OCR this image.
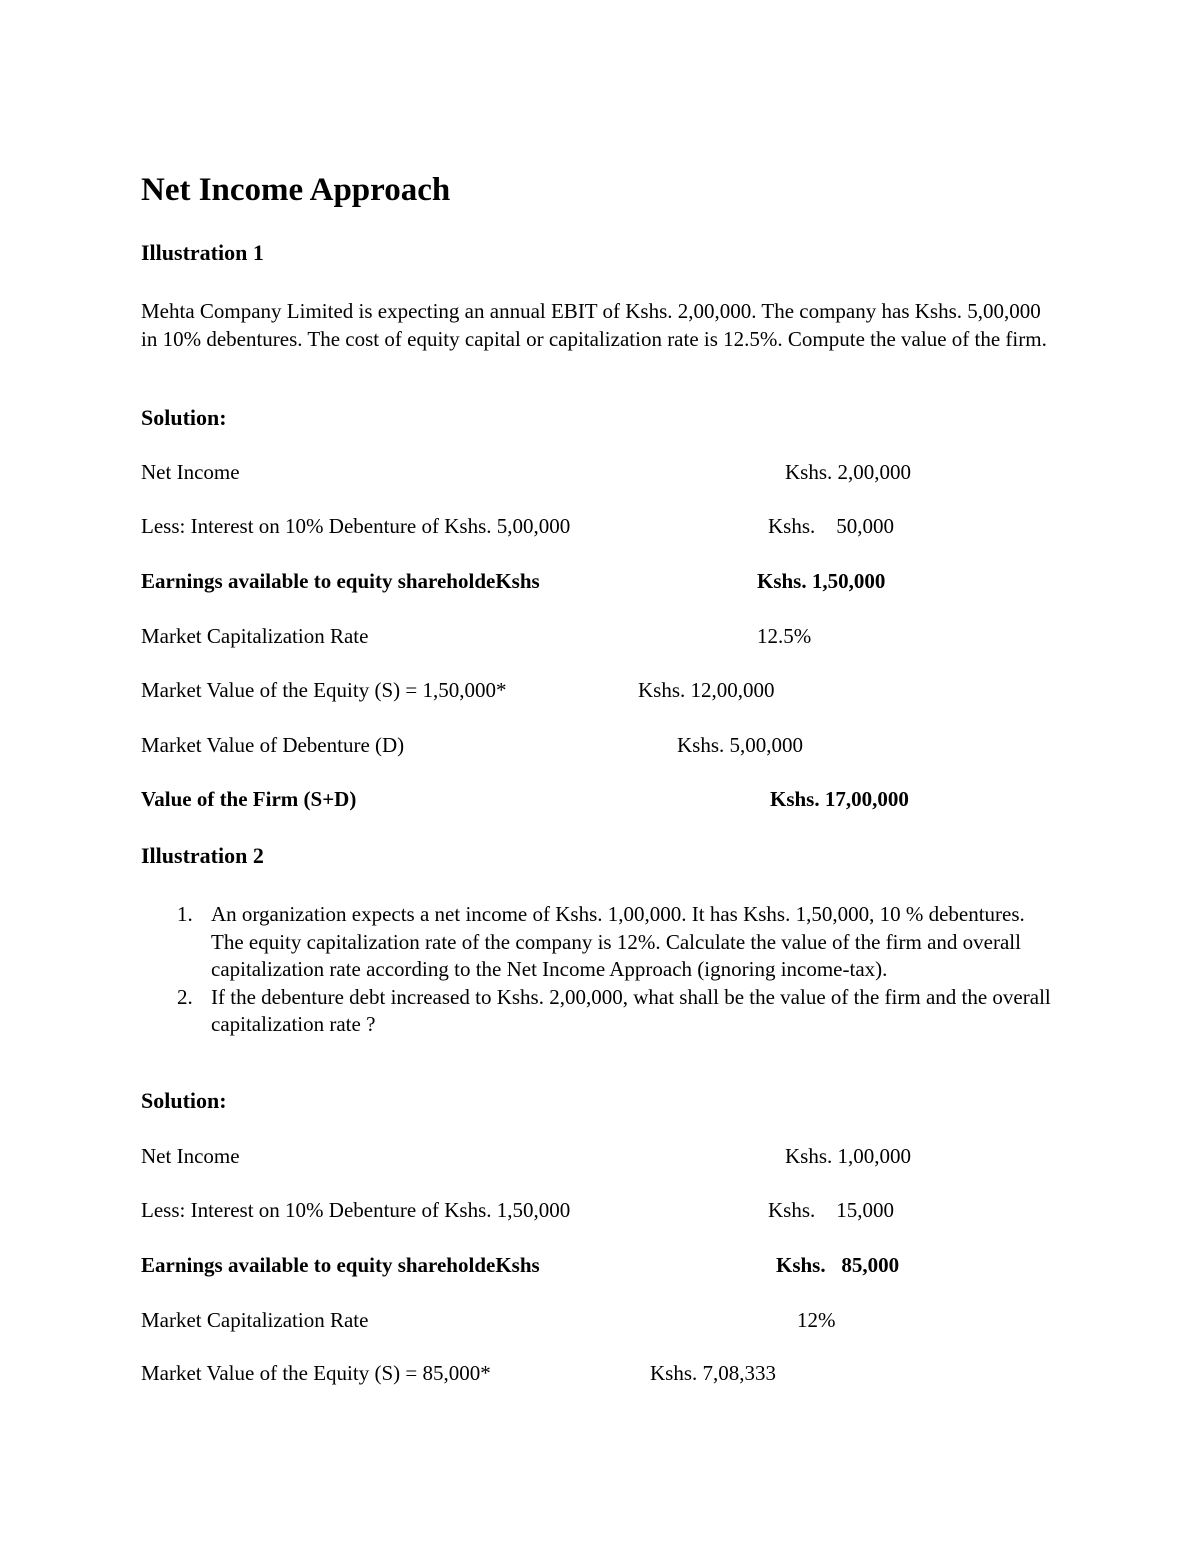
Net Income Approach
Illustration 1
Mehta Company Limited is expecting an annual EBIT of Kshs. 2,00,000. The company has Kshs. 5,00,000 in 10% debentures. The cost of equity capital or capitalization rate is 12.5%. Compute the value of the firm.
Solution:
Net Income	Kshs. 2,00,000
Less: Interest on 10% Debenture of Kshs. 5,00,000	Kshs.    50,000
Earnings available to equity shareholdeKshs	Kshs. 1,50,000
Market Capitalization Rate	12.5%
Market Value of the Equity (S) = 1,50,000*	Kshs. 12,00,000
Market Value of Debenture (D)	Kshs. 5,00,000
Value of the Firm (S+D)	Kshs. 17,00,000
Illustration 2
1. An organization expects a net income of Kshs. 1,00,000. It has Kshs. 1,50,000, 10 % debentures. The equity capitalization rate of the company is 12%. Calculate the value of the firm and overall capitalization rate according to the Net Income Approach (ignoring income-tax).
2. If the debenture debt increased to Kshs. 2,00,000, what shall be the value of the firm and the overall capitalization rate ?
Solution:
Net Income	Kshs. 1,00,000
Less: Interest on 10% Debenture of Kshs. 1,50,000	Kshs.    15,000
Earnings available to equity shareholdeKshs	Kshs.   85,000
Market Capitalization Rate	12%
Market Value of the Equity (S) = 85,000*	Kshs. 7,08,333
